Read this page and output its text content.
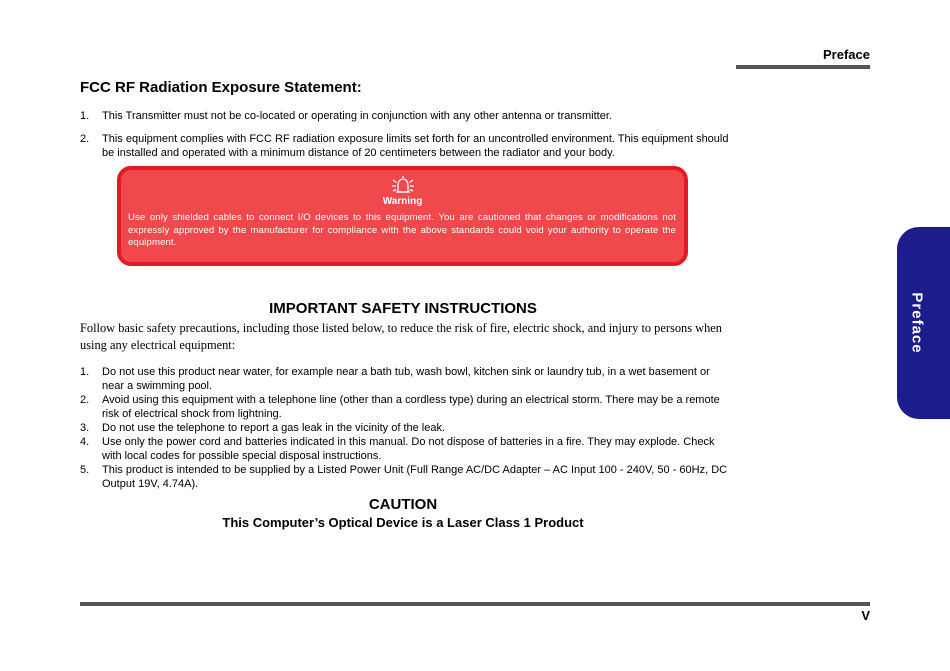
Preface
Preface
FCC RF Radiation Exposure Statement:
1. This Transmitter must not be co-located or operating in conjunction with any other antenna or transmitter.
2. This equipment complies with FCC RF radiation exposure limits set forth for an uncontrolled environment. This equipment should be installed and operated with a minimum distance of 20 centimeters between the radiator and your body.
Warning
Use only shielded cables to connect I/O devices to this equipment. You are cautioned that changes or modifications not expressly approved by the manufacturer for compliance with the above standards could void your authority to operate the equipment.
IMPORTANT SAFETY INSTRUCTIONS
Follow basic safety precautions, including those listed below, to reduce the risk of fire, electric shock, and injury to persons when using any electrical equipment:
1. Do not use this product near water, for example near a bath tub, wash bowl, kitchen sink or laundry tub, in a wet basement or near a swimming pool.
2. Avoid using this equipment with a telephone line (other than a cordless type) during an electrical storm. There may be a remote risk of electrical shock from lightning.
3. Do not use the telephone to report a gas leak in the vicinity of the leak.
4. Use only the power cord and batteries indicated in this manual. Do not dispose of batteries in a fire. They may explode. Check with local codes for possible special disposal instructions.
5. This product is intended to be supplied by a Listed Power Unit (Full Range AC/DC Adapter – AC Input 100 - 240V, 50 - 60Hz, DC Output 19V, 4.74A).
CAUTION
This Computer’s Optical Device is a Laser Class 1 Product
V
